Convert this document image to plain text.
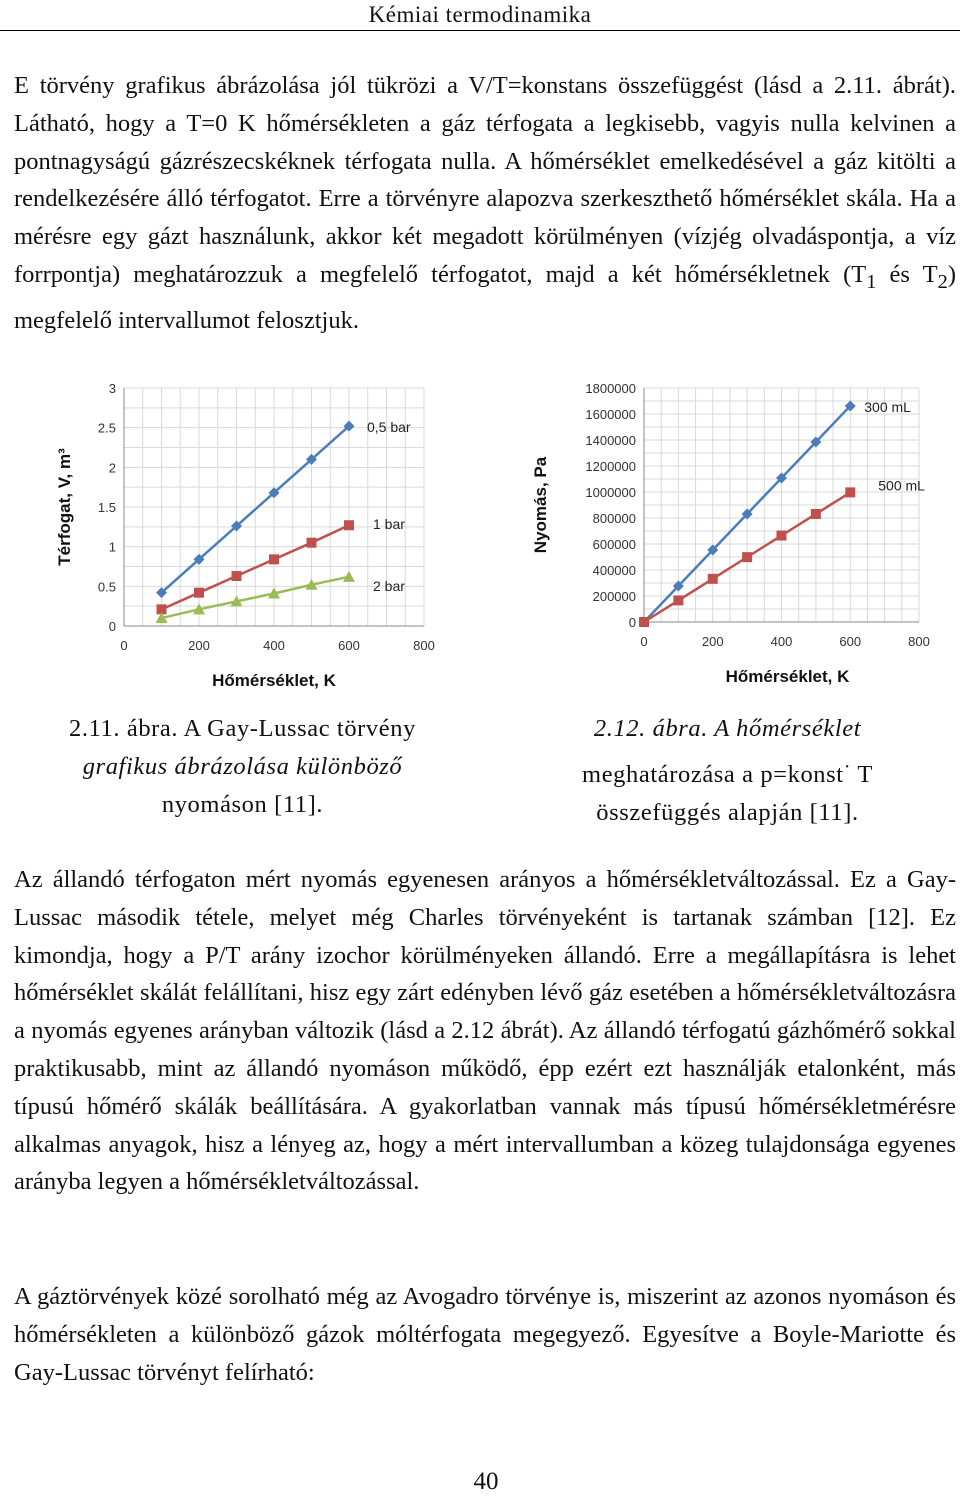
Kémiai termodinamika

E törvény grafikus ábrázolása jól tükrözi a V/T=konstans összefüggést (lásd a 2.11. ábrát). Látható, hogy a T=0 K hőmérsékleten a gáz térfogata a legkisebb, vagyis nulla kelvinen a pontnagyságú gázrészecskéknek térfogata nulla. A hőmérséklet emelkedésével a gáz kitölti a rendelkezésére álló térfogatot. Erre a törvényre alapozva szerkeszthető hőmérséklet skála. Ha a mérésre egy gázt használunk, akkor két megadott körülményen (vízjég olvadáspontja, a víz forrpontja) meghatározzuk a megfelelő térfogatot, majd a két hőmérsékletnek ($T_1$ és $T_2$) megfelelő intervallumot felosztjuk.

0	200	400	600	800
0
0.5
1
1.5
2
2.5
3
Hőmérséklet, K
Térfogat, V, m³
0,5 bar
1 bar
2 bar
0	200	400	600	800
0
200000
400000
600000
800000
1000000
1200000
1400000
1600000
1800000
Hőmérséklet, K
Nyomás, Pa
300 mL
500 mL
2.11. ábra. A Gay-Lussac törvény
grafikus ábrázolása különböző
nyomáson [11].
2.12. ábra. A hőmérséklet
meghatározása a p=konst· T
összefüggés alapján [11].

Az állandó térfogaton mért nyomás egyenesen arányos a hőmérsékletváltozással. Ez a Gay-Lussac második tétele, melyet még Charles törvényeként is tartanak számban [12]. Ez kimondja, hogy a P/T arány izochor körülményeken állandó. Erre a megállapításra is lehet hőmérséklet skálát felállítani, hisz egy zárt edényben lévő gáz esetében a hőmérsékletváltozásra a nyomás egyenes arányban változik (lásd a 2.12 ábrát). Az állandó térfogatú gázhőmérő sokkal praktikusabb, mint az állandó nyomáson működő, épp ezért ezt használják etalonként, más típusú hőmérő skálák beállítására. A gyakorlatban vannak más típusú hőmérsékletmérésre alkalmas anyagok, hisz a lényeg az, hogy a mért intervallumban a közeg tulajdonsága egyenes arányba legyen a hőmérsékletváltozással.

A gáztörvények közé sorolható még az Avogadro törvénye is, miszerint az azonos nyomáson és hőmérsékleten a különböző gázok móltérfogata megegyező. Egyesítve a Boyle-Mariotte és Gay-Lussac törvényt felírható:

40
